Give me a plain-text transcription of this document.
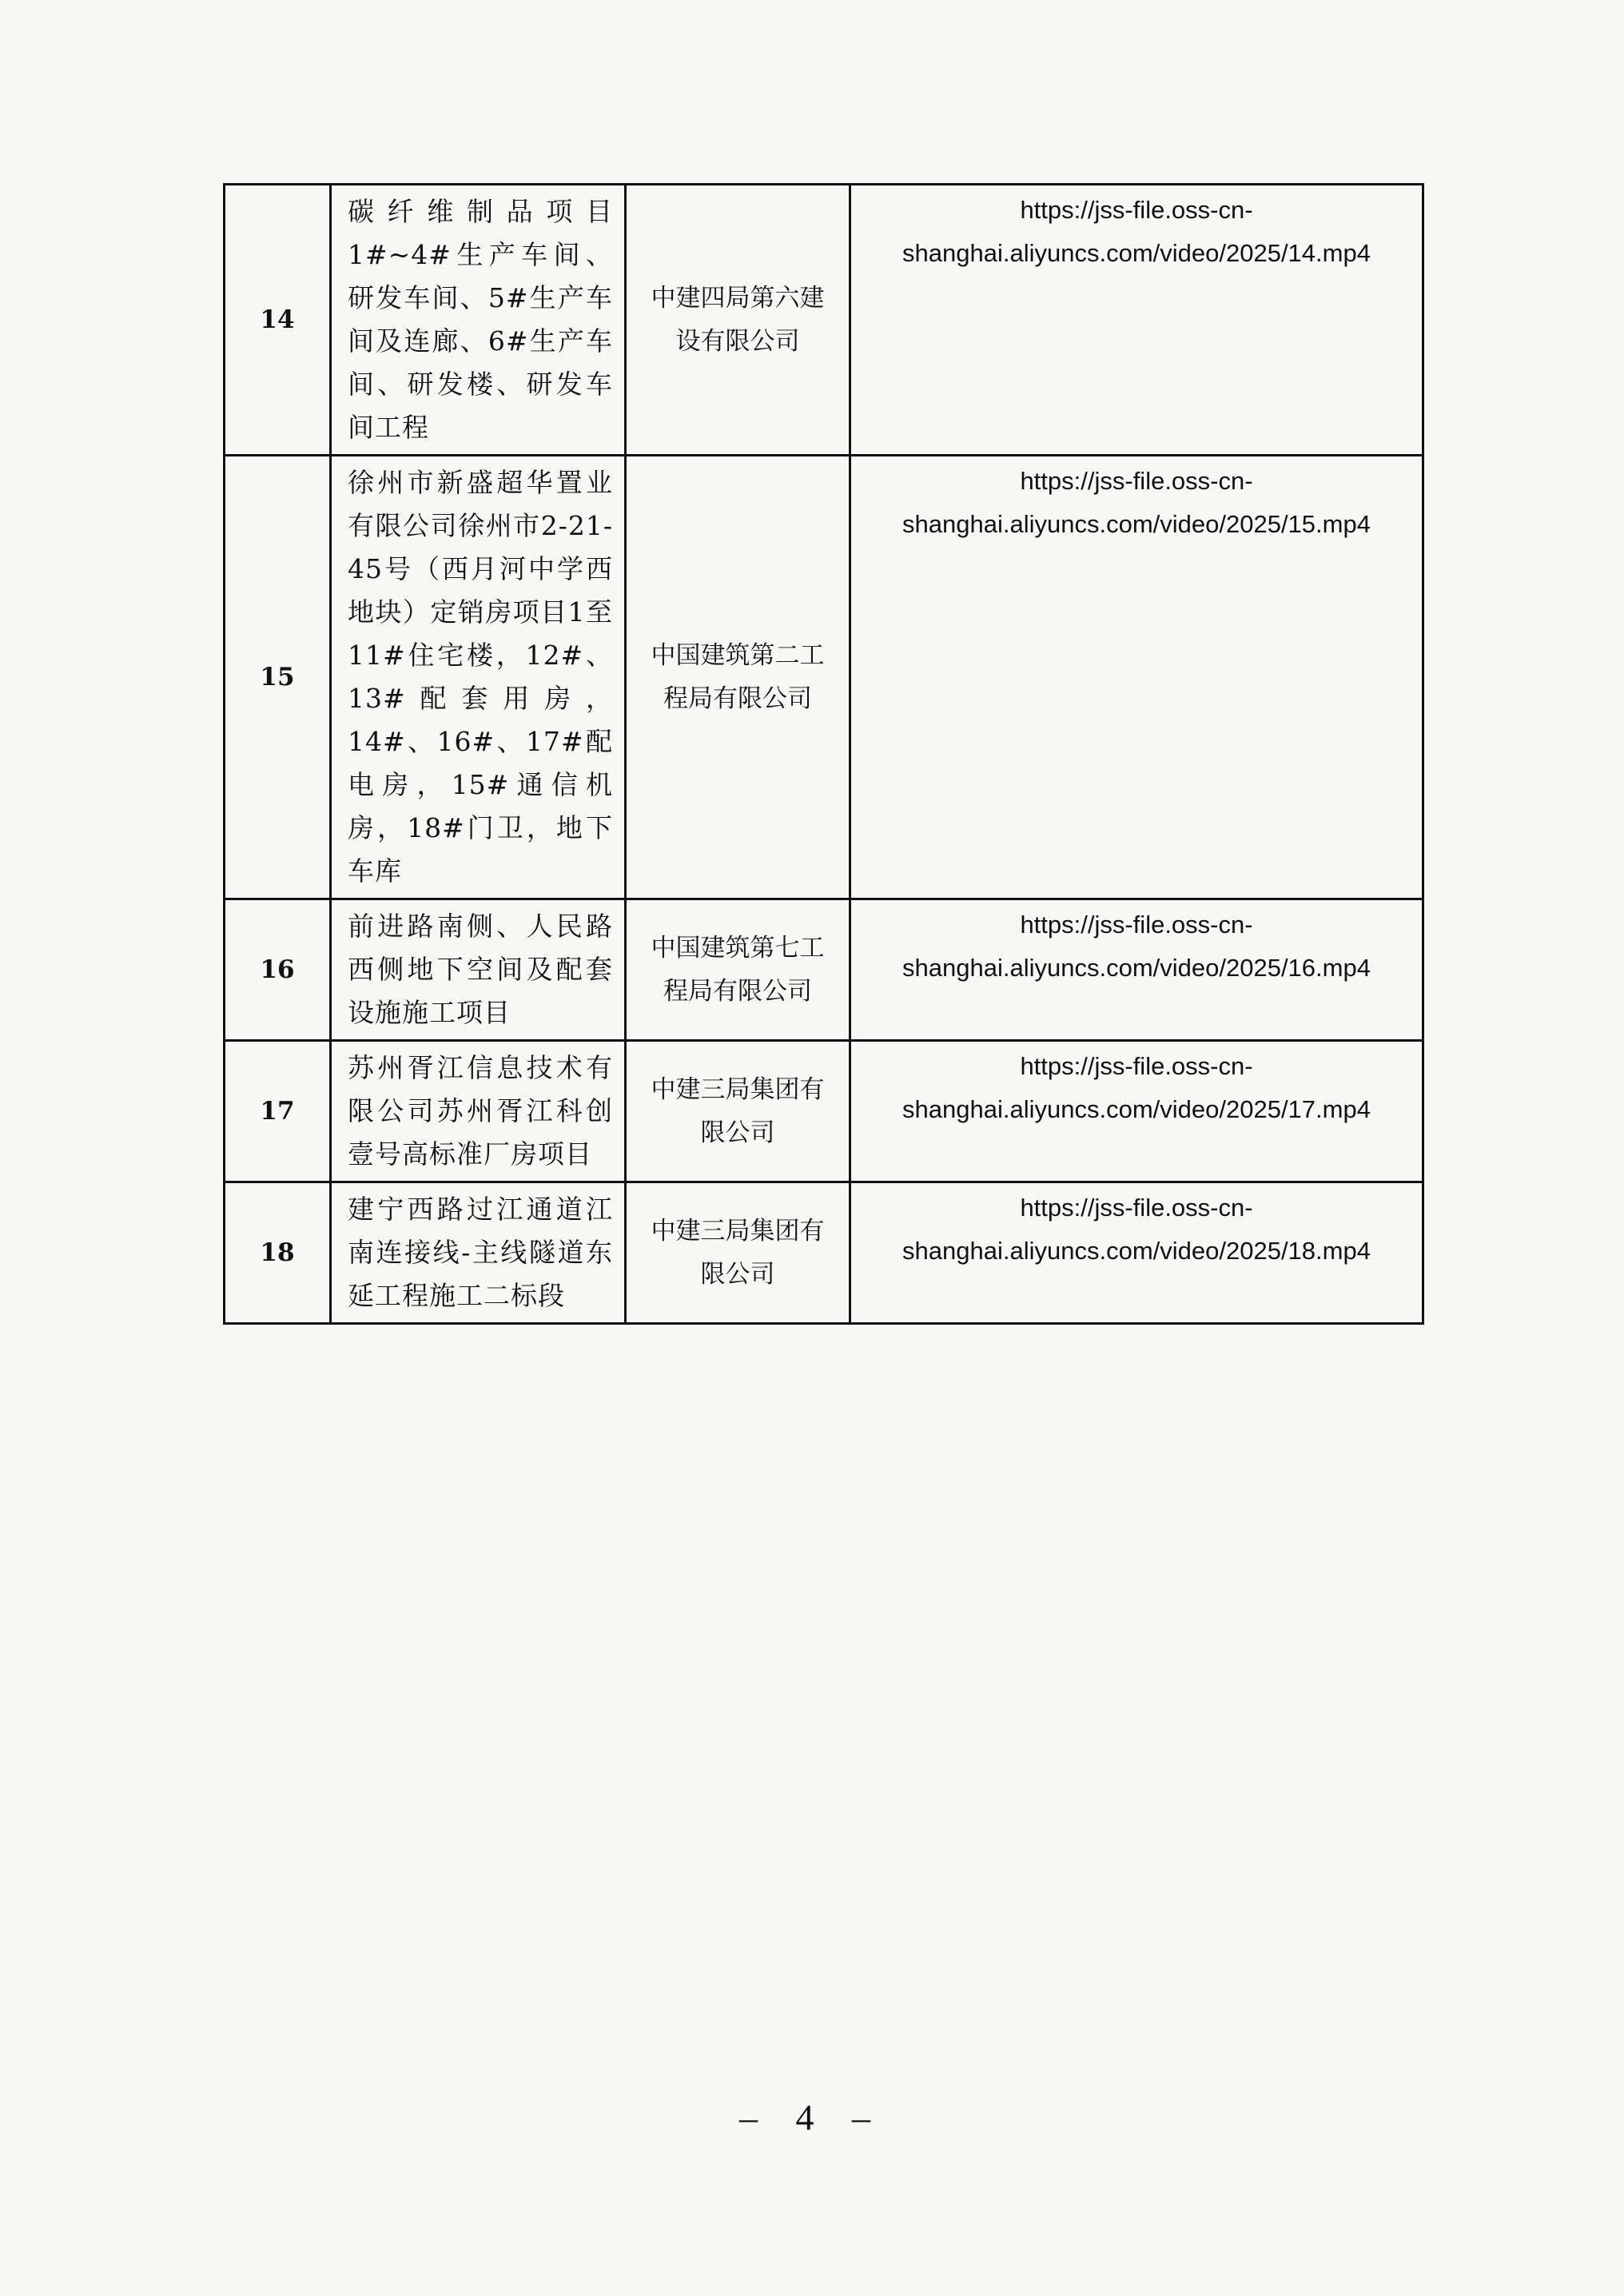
14	碳纤维制品项目1#~4#生产车间、研发车间、5#生产车间及连廊、6#生产车间、研发楼、研发车间工程	中建四局第六建设有限公司	https://jss-file.oss-cn-
shanghai.aliyuncs.com/video/2025/14.mp4

15	徐州市新盛超华置业有限公司徐州市2-21-45号（西月河中学西地块）定销房项目1至11#住宅楼，12#、13#配套用房，14#、16#、17#配电房，15#通信机房，18#门卫，地下车库	中国建筑第二工程局有限公司	https://jss-file.oss-cn-
shanghai.aliyuncs.com/video/2025/15.mp4

16	前进路南侧、人民路西侧地下空间及配套设施施工项目	中国建筑第七工程局有限公司	https://jss-file.oss-cn-
shanghai.aliyuncs.com/video/2025/16.mp4

17	苏州胥江信息技术有限公司苏州胥江科创壹号高标准厂房项目	中建三局集团有限公司	https://jss-file.oss-cn-
shanghai.aliyuncs.com/video/2025/17.mp4

18	建宁西路过江通道江南连接线-主线隧道东延工程施工二标段	中建三局集团有限公司	https://jss-file.oss-cn-
shanghai.aliyuncs.com/video/2025/18.mp4
– 4 –
